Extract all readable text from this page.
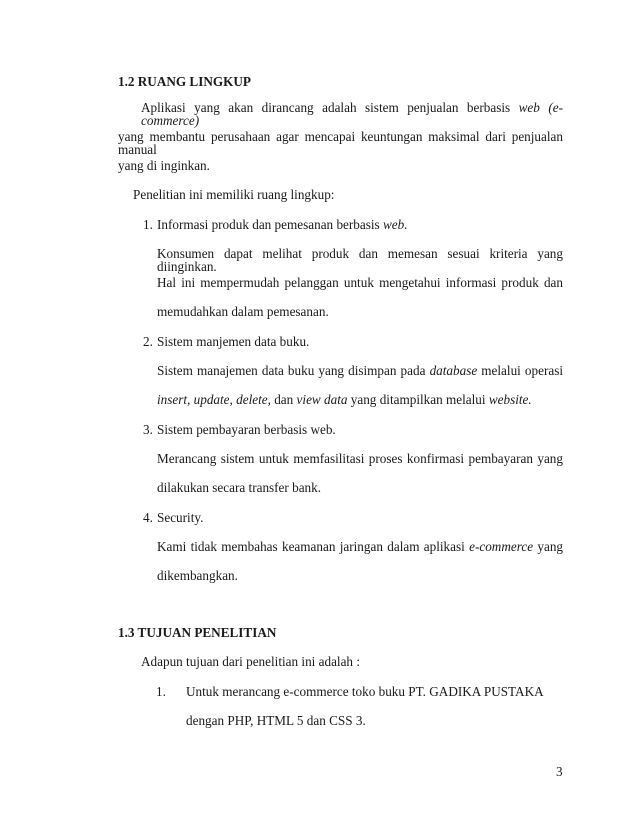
1.2 RUANG LINGKUP
Aplikasi yang akan dirancang adalah sistem penjualan berbasis web (e-commerce)
yang membantu perusahaan agar mencapai keuntungan maksimal dari penjualan manual
yang di inginkan.
Penelitian ini memiliki ruang lingkup:
1. Informasi produk dan pemesanan berbasis web.
Konsumen dapat melihat produk dan memesan sesuai kriteria yang diinginkan.
Hal ini mempermudah pelanggan untuk mengetahui informasi produk dan
memudahkan dalam pemesanan.
2. Sistem manjemen data buku.
Sistem manajemen data buku yang disimpan pada database melalui operasi
insert, update, delete, dan view data yang ditampilkan melalui website.
3. Sistem pembayaran berbasis web.
Merancang sistem untuk memfasilitasi proses konfirmasi pembayaran yang
dilakukan secara transfer bank.
4. Security.
Kami tidak membahas keamanan jaringan dalam aplikasi e-commerce yang
dikembangkan.
1.3 TUJUAN PENELITIAN
Adapun tujuan dari penelitian ini adalah :
1. Untuk merancang e-commerce toko buku PT. GADIKA PUSTAKA
dengan PHP, HTML 5 dan CSS 3.
3
